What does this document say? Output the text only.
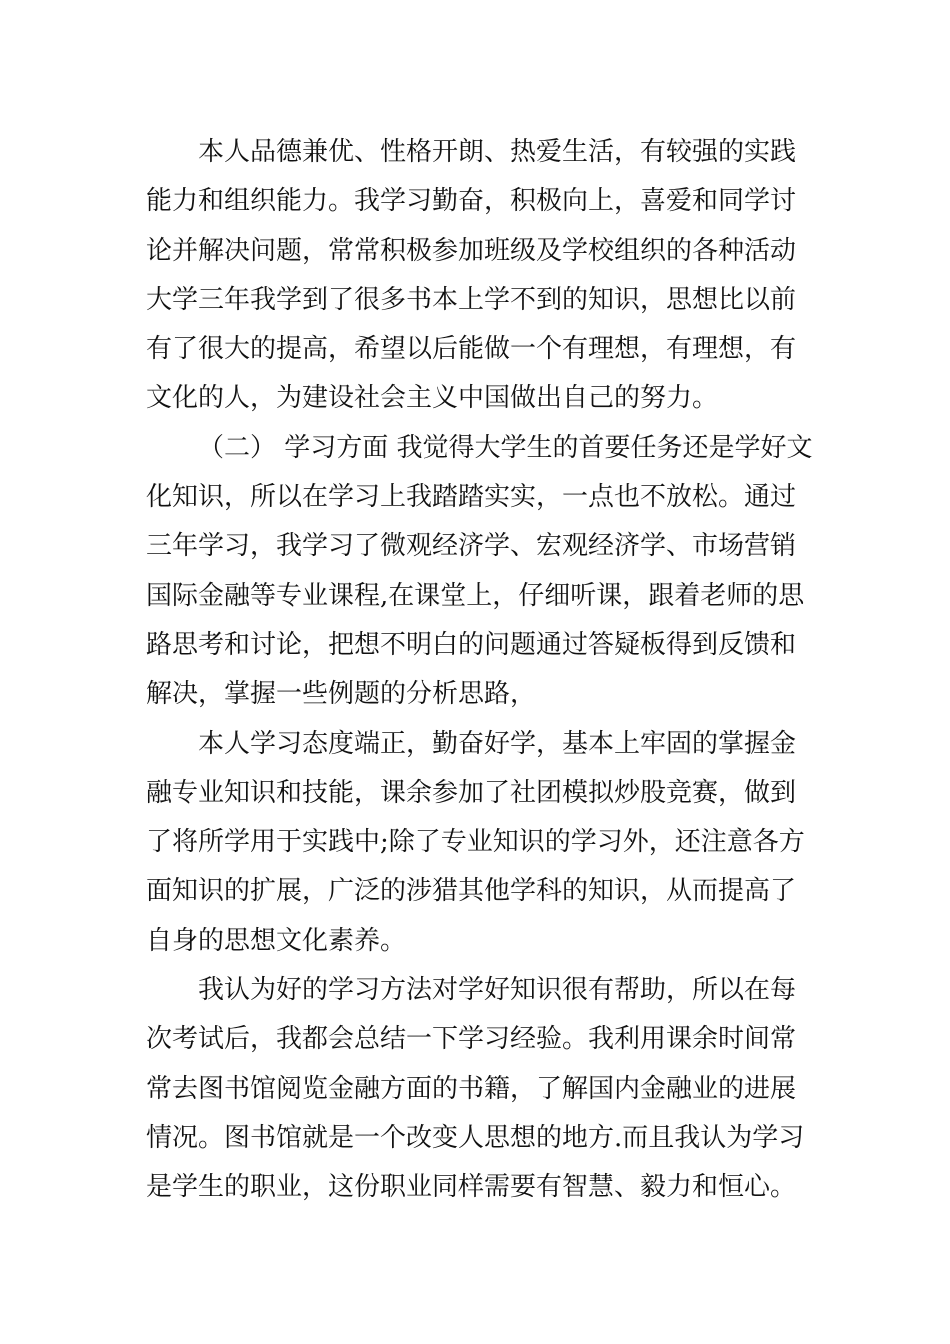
本人品德兼优、性格开朗、热爱生活，有较强的实践
能力和组织能力。我学习勤奋，积极向上，喜爱和同学讨
论并解决问题，常常积极参加班级及学校组织的各种活动
大学三年我学到了很多书本上学不到的知识，思想比以前
有了很大的提高，希望以后能做一个有理想，有理想，有
文化的人，为建设社会主义中国做出自己的努力。
（二） 学习方面 我觉得大学生的首要任务还是学好文
化知识，所以在学习上我踏踏实实，一点也不放松。通过
三年学习，我学习了微观经济学、宏观经济学、市场营销
国际金融等专业课程,在课堂上，仔细听课，跟着老师的思
路思考和讨论，把想不明白的问题通过答疑板得到反馈和
解决，掌握一些例题的分析思路，
本人学习态度端正，勤奋好学，基本上牢固的掌握金
融专业知识和技能，课余参加了社团模拟炒股竞赛，做到
了将所学用于实践中;除了专业知识的学习外，还注意各方
面知识的扩展，广泛的涉猎其他学科的知识，从而提高了
自身的思想文化素养。
我认为好的学习方法对学好知识很有帮助，所以在每
次考试后，我都会总结一下学习经验。我利用课余时间常
常去图书馆阅览金融方面的书籍，了解国内金融业的进展
情况。图书馆就是一个改变人思想的地方.而且我认为学习
是学生的职业，这份职业同样需要有智慧、毅力和恒心。
